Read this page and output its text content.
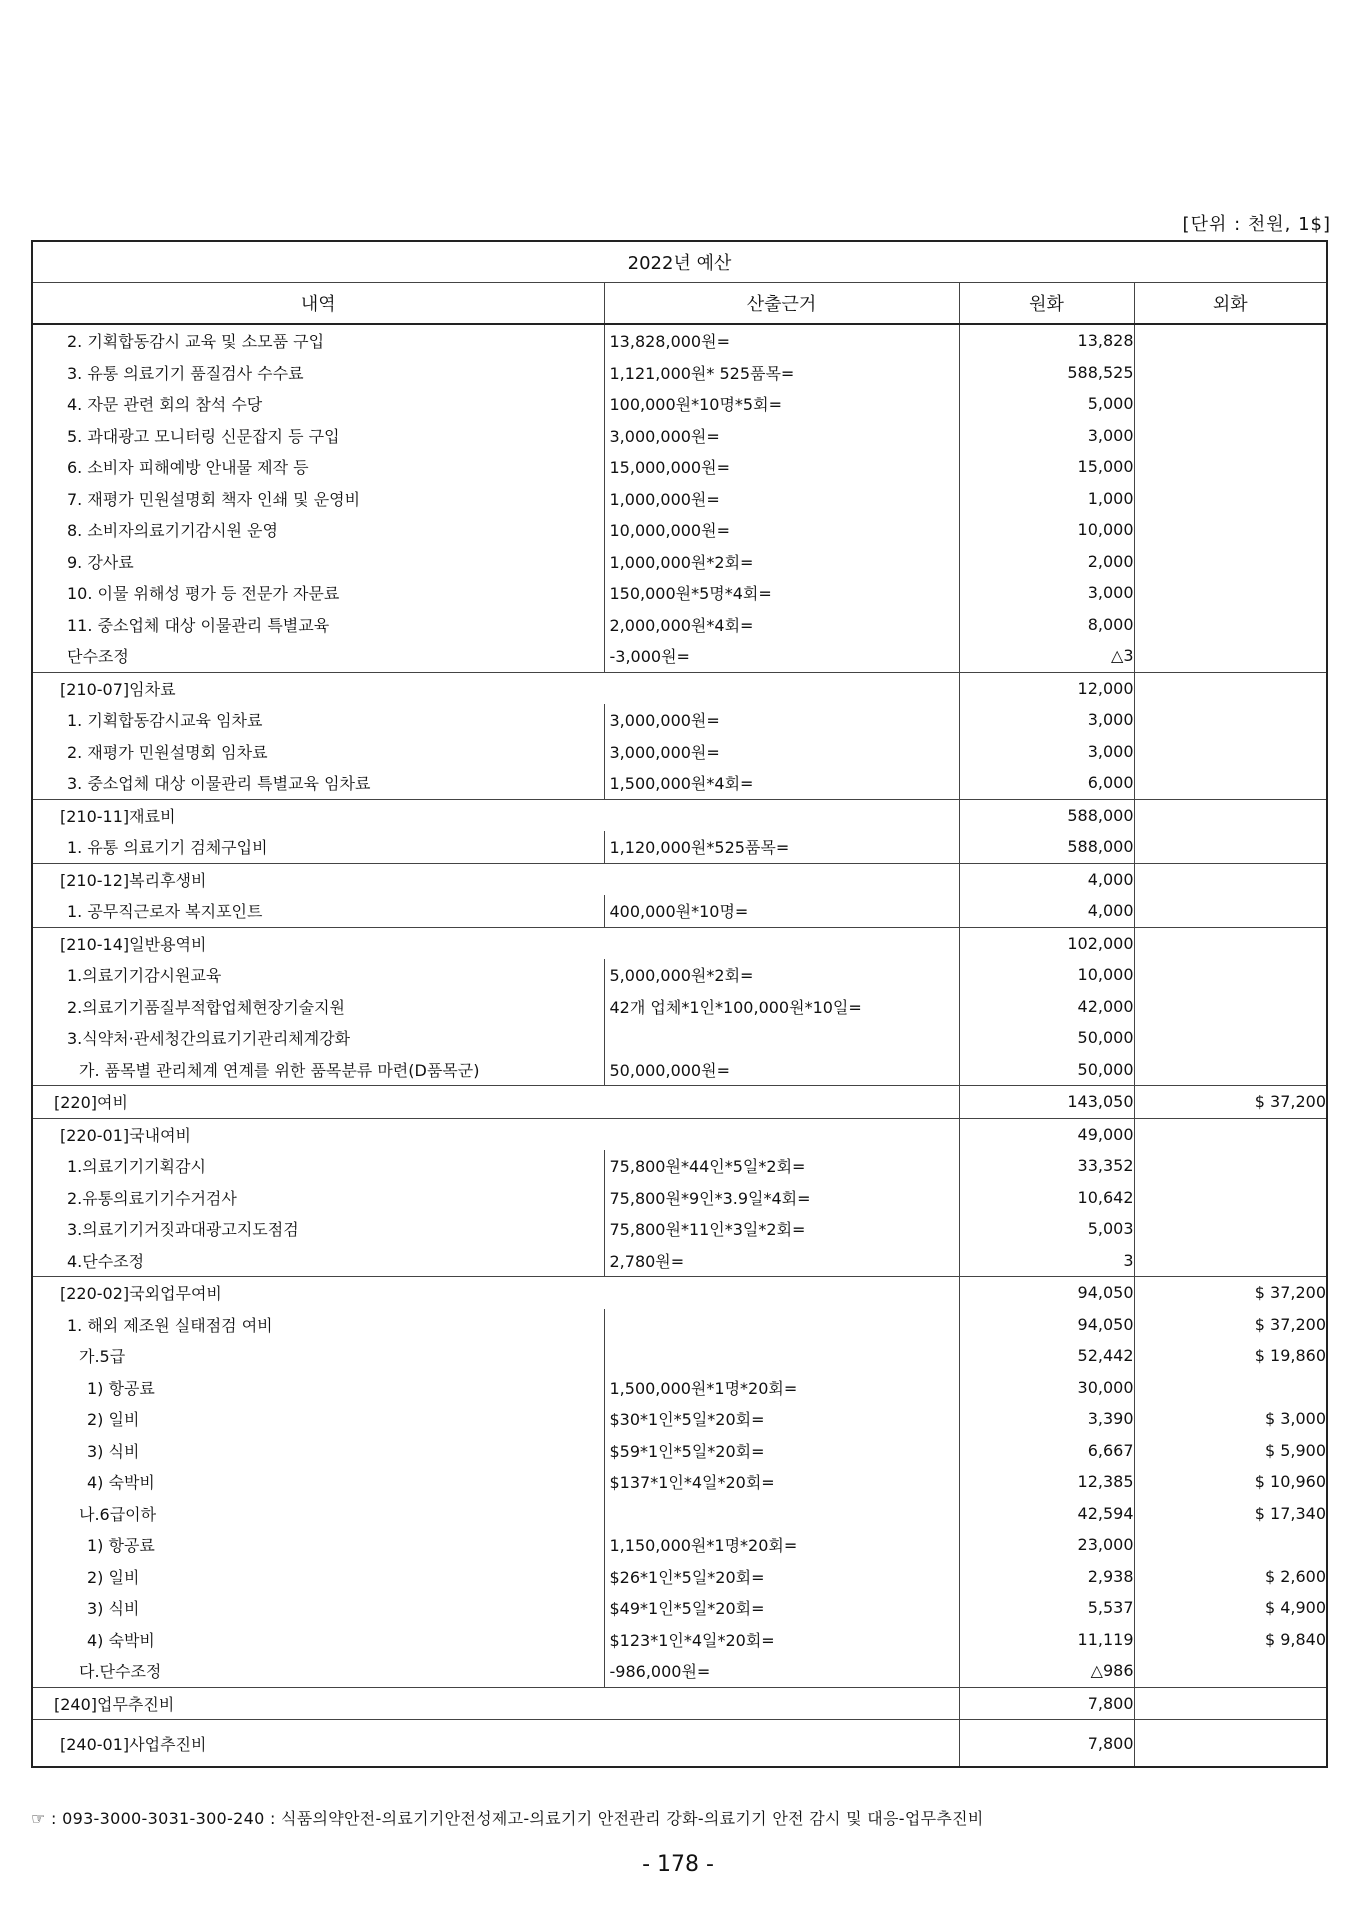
[단위 : 천원, 1$]
2022년 예산			
내역	산출근거	원화	외화
2. 기획합동감시 교육 및 소모품 구입	13,828,000원=	13,828	
3. 유통 의료기기 품질검사 수수료	1,121,000원* 525품목=	588,525	
4. 자문 관련 회의 참석 수당	100,000원*10명*5회=	5,000	
5. 과대광고 모니터링 신문잡지 등 구입	3,000,000원=	3,000	
6. 소비자 피해예방 안내물 제작 등	15,000,000원=	15,000	
7. 재평가 민원설명회 책자 인쇄 및 운영비	1,000,000원=	1,000	
8. 소비자의료기기감시원 운영	10,000,000원=	10,000	
9. 강사료	1,000,000원*2회=	2,000	
10. 이물 위해성 평가 등 전문가 자문료	150,000원*5명*4회=	3,000	
11. 중소업체 대상 이물관리 특별교육	2,000,000원*4회=	8,000	
단수조정	-3,000원=	△3	
[210-07]임차료		12,000	
1. 기획합동감시교육 임차료	3,000,000원=	3,000	
2. 재평가 민원설명회 임차료	3,000,000원=	3,000	
3. 중소업체 대상 이물관리 특별교육 임차료	1,500,000원*4회=	6,000	
[210-11]재료비		588,000	
1. 유통 의료기기 검체구입비	1,120,000원*525품목=	588,000	
[210-12]복리후생비		4,000	
1. 공무직근로자 복지포인트	400,000원*10명=	4,000	
[210-14]일반용역비		102,000	
1.의료기기감시원교육	5,000,000원*2회=	10,000	
2.의료기기품질부적합업체현장기술지원	42개 업체*1인*100,000원*10일=	42,000	
3.식약처·관세청간의료기기관리체계강화		50,000	
가. 품목별 관리체계 연계를 위한 품목분류 마련(D품목군)	50,000,000원=	50,000	
[220]여비		143,050	$ 37,200
[220-01]국내여비		49,000	
1.의료기기기획감시	75,800원*44인*5일*2회=	33,352	
2.유통의료기기수거검사	75,800원*9인*3.9일*4회=	10,642	
3.의료기기거짓과대광고지도점검	75,800원*11인*3일*2회=	5,003	
4.단수조정	2,780원=	3	
[220-02]국외업무여비		94,050	$ 37,200
1. 해외 제조원 실태점검 여비		94,050	$ 37,200
가.5급		52,442	$ 19,860
1) 항공료	1,500,000원*1명*20회=	30,000	
2) 일비	$30*1인*5일*20회=	3,390	$ 3,000
3) 식비	$59*1인*5일*20회=	6,667	$ 5,900
4) 숙박비	$137*1인*4일*20회=	12,385	$ 10,960
나.6급이하		42,594	$ 17,340
1) 항공료	1,150,000원*1명*20회=	23,000	
2) 일비	$26*1인*5일*20회=	2,938	$ 2,600
3) 식비	$49*1인*5일*20회=	5,537	$ 4,900
4) 숙박비	$123*1인*4일*20회=	11,119	$ 9,840
다.단수조정	-986,000원=	△986	
[240]업무추진비		7,800	
[240-01]사업추진비		7,800	
☞ : 093-3000-3031-300-240 : 식품의약안전-의료기기안전성제고-의료기기 안전관리 강화-의료기기 안전 감시 및 대응-업무추진비
- 178 -
